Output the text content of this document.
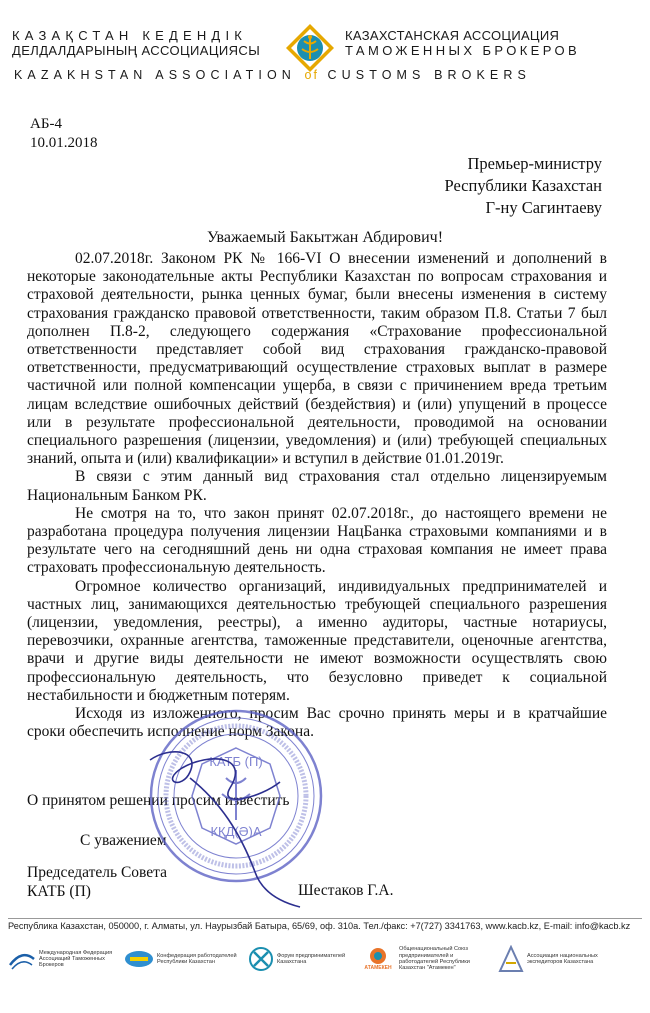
КАЗАҚСТАН КЕДЕНДІК
ДЕЛДАЛДАРЫНЫҢ АССОЦИАЦИЯСЫ
КАЗАХСТАНСКАЯ АССОЦИАЦИЯ
ТАМОЖЕННЫХ БРОКЕРОВ
KAZAKHSTAN ASSOCIATION of CUSTOMS BROKERS
АБ-4
10.01.2018
Премьер-министру
Республики Казахстан
Г-ну Сагинтаеву
Уважаемый Бакытжан Абдирович!

02.07.2018г. Законом РК № 166-VI О внесении изменений и дополнений в некоторые законодательные акты Республики Казахстан по вопросам страхования и страховой деятельности, рынка ценных бумаг, были внесены изменения в систему страхования гражданско правовой ответственности, таким образом П.8. Статьи 7 был дополнен П.8-2, следующего содержания «Страхование профессиональной ответственности представляет собой вид страхования гражданско-правовой ответственности, предусматривающий осуществление страховых выплат в размере частичной или полной компенсации ущерба, в связи с причинением вреда третьим лицам вследствие ошибочных действий (бездействия) и (или) упущений в процессе или в результате профессиональной деятельности, проводимой на основании специального разрешения (лицензии, уведомления) и (или) требующей специальных знаний, опыта и (или) квалификации» и вступил в действие 01.01.2019г.

В связи с этим данный вид страхования стал отдельно лицензируемым Национальным Банком РК.

Не смотря на то, что закон принят 02.07.2018г., до настоящего времени не разработана процедура получения лицензии НацБанка страховыми компаниями и в результате чего на сегодняшний день ни одна страховая компания не имеет права страховать профессиональную деятельность.

Огромное количество организаций, индивидуальных предпринимателей и частных лиц, занимающихся деятельностью требующей специального разрешения (лицензии, уведомления, реестры), а именно аудиторы, частные нотариусы, перевозчики, охранные агентства, таможенные представители, оценочные агентства, врачи и другие виды деятельности не имеют возможности осуществлять свою профессиональную деятельность, что безусловно приведет к социальной нестабильности и бюджетным потерям.

Исходя из изложенного, просим Вас срочно принять меры и в кратчайшие сроки обеспечить исполнение норм Закона.

О принятом решении просим известить
С уважением
Председатель Совета
КАТБ (П)	Шестаков Г.А.
КАТБ (П)
КҚД(Ә)А
Республика Казахстан, 050000, г. Алматы, ул. Наурызбай Батыра, 65/69, оф. 310а. Тел./факс: +7(727) 3341763, www.kacb.kz, E-mail: info@kacb.kz
Международная Федерация Ассоциаций Таможенных Брокеров
Конфедерация работодателей Республики Казахстан
Форум предпринимателей Казахстана
АТАМЕКЕН
Общенациональный Союз предпринимателей и работодателей Республики Казахстан "Атамекен"
Ассоциация национальных экспедиторов Казахстана
